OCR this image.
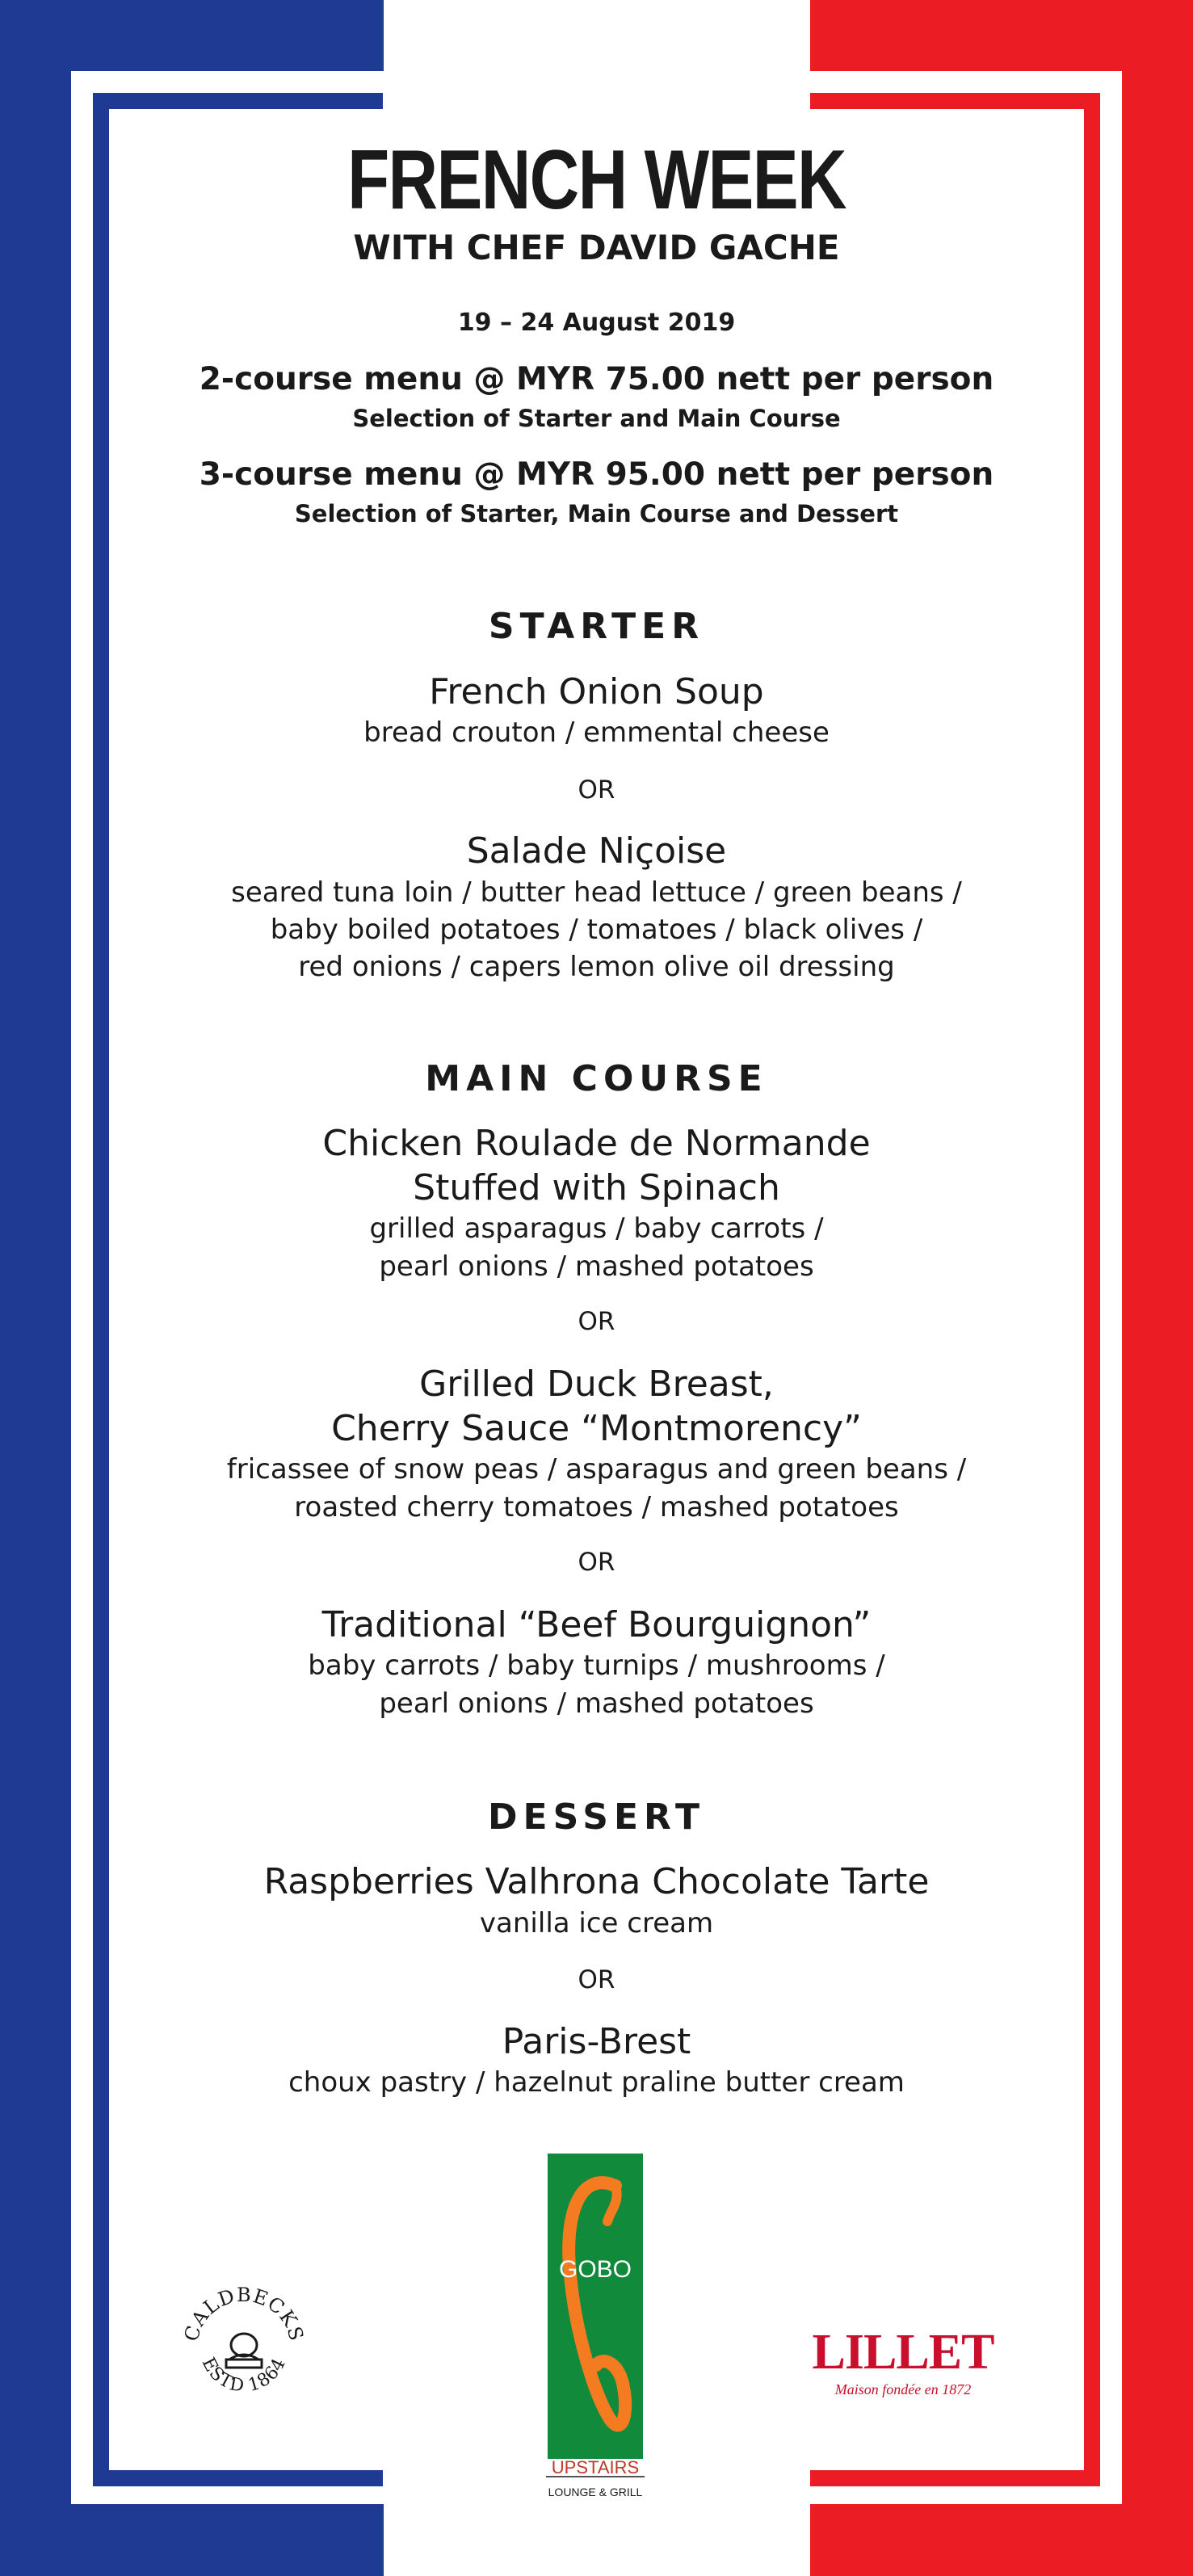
FRENCH WEEK
WITH CHEF DAVID GACHE
19 – 24 August 2019
2-course menu @ MYR 75.00 nett per person
Selection of Starter and Main Course
3-course menu @ MYR 95.00 nett per person
Selection of Starter, Main Course and Dessert
STARTER
French Onion Soup
bread crouton / emmental cheese
OR
Salade Niçoise
seared tuna loin / butter head lettuce / green beans /
baby boiled potatoes / tomatoes / black olives /
red onions / capers lemon olive oil dressing
MAIN COURSE
Chicken Roulade de Normande
Stuffed with Spinach
grilled asparagus / baby carrots /
pearl onions / mashed potatoes
OR
Grilled Duck Breast,
Cherry Sauce “Montmorency”
fricassee of snow peas / asparagus and green beans /
roasted cherry tomatoes / mashed potatoes
OR
Traditional “Beef Bourguignon”
baby carrots / baby turnips / mushrooms /
pearl onions / mashed potatoes
DESSERT
Raspberries Valhrona Chocolate Tarte
vanilla ice cream
OR
Paris-Brest
choux pastry / hazelnut praline butter cream
CALDBECKS
ESTD 1864
GOBO
UPSTAIRS
LOUNGE & GRILL
LILLET
Maison fondée en 1872
